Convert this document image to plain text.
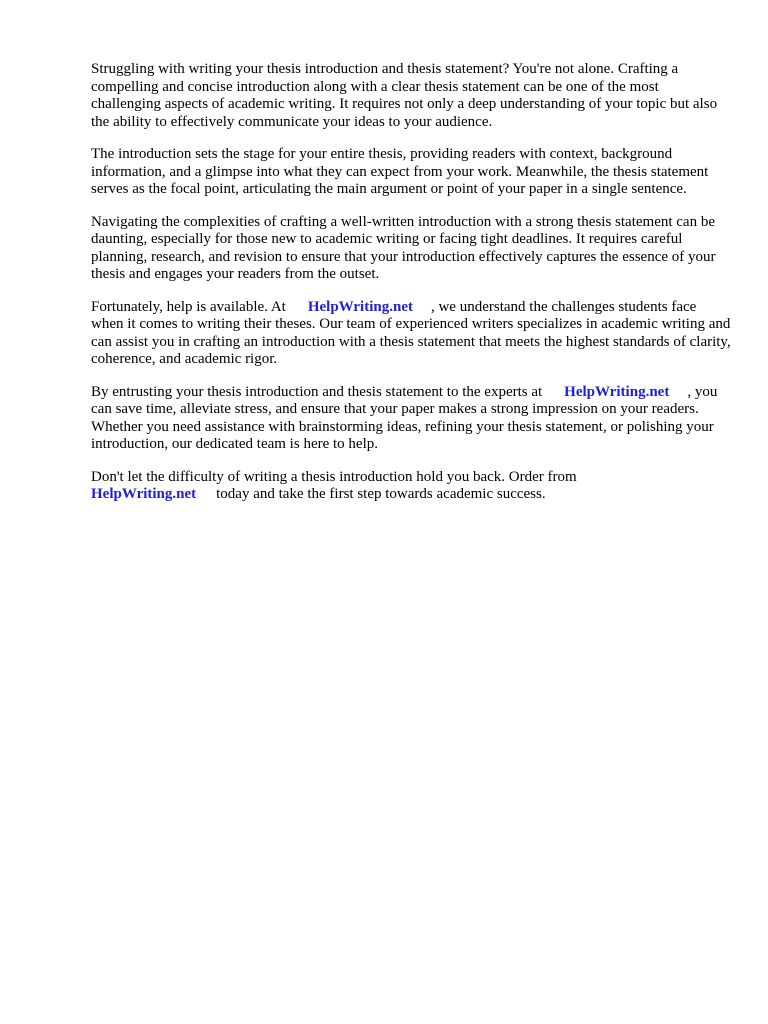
Struggling with writing your thesis introduction and thesis statement? You're not alone. Crafting a compelling and concise introduction along with a clear thesis statement can be one of the most challenging aspects of academic writing. It requires not only a deep understanding of your topic but also the ability to effectively communicate your ideas to your audience.

The introduction sets the stage for your entire thesis, providing readers with context, background information, and a glimpse into what they can expect from your work. Meanwhile, the thesis statement serves as the focal point, articulating the main argument or point of your paper in a single sentence.

Navigating the complexities of crafting a well-written introduction with a strong thesis statement can be daunting, especially for those new to academic writing or facing tight deadlines. It requires careful planning, research, and revision to ensure that your introduction effectively captures the essence of your thesis and engages your readers from the outset.

Fortunately, help is available. At HelpWriting.net , we understand the challenges students face when it comes to writing their theses. Our team of experienced writers specializes in academic writing and can assist you in crafting an introduction with a thesis statement that meets the highest standards of clarity, coherence, and academic rigor.

By entrusting your thesis introduction and thesis statement to the experts at HelpWriting.net , you can save time, alleviate stress, and ensure that your paper makes a strong impression on your readers. Whether you need assistance with brainstorming ideas, refining your thesis statement, or polishing your introduction, our dedicated team is here to help.

Don't let the difficulty of writing a thesis introduction hold you back. Order from HelpWriting.net today and take the first step towards academic success.
